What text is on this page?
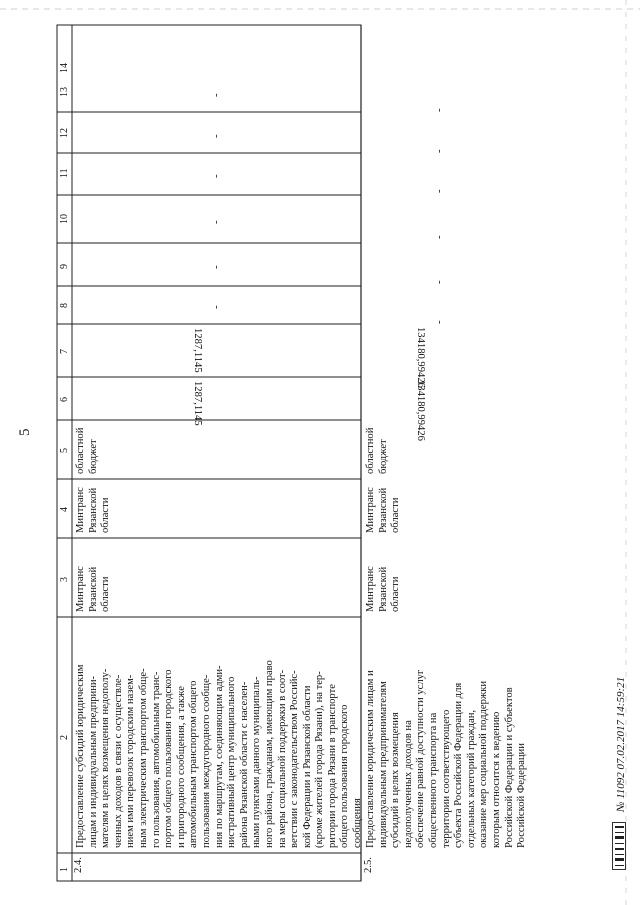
5
1
2
3
4
5
6
7
8
9
10
11
12
13
14
2.4.
Предоставление субсидий юридическим лицам и индивидуальным предприни- мателям в целях возмещения недополу- ченных доходов в связи с осуществле- нием ими перевозок городским назем- ным электрическим транспортом обще- го пользования, автомобильным транс- портом общего пользования городского и пригородного сообщения, а также автомобильным транспортом общего пользования междугородного сообще- ния по маршрутам, соединяющим адми- нистративный центр муниципального района Рязанской области с населен- ными пунктами данного муниципаль- ного района, гражданам, имеющим право на меры социальной поддержки в соот- ветствии с законодательством Российс- кой Федерации и Рязанской области (кроме жителей города Рязани), на тер- ритории города Рязани в транспорте общего пользования городского сообщения
Минтранс Рязанской области
Минтранс Рязанской области
областной бюджет
1287,1145
1287,1145
2.5.
Предоставление юридическим лицам и индивидуальным предпринимателям субсидий в целях возмещения недополученных доходов на обеспечение равной доступности услуг общественного транспорта на территории соответствующего субъекта Российской Федерации для отдельных категорий граждан, оказание мер социальной поддержки которым относится к ведению Российской Федерации и субъектов Российской Федерации
Минтранс Рязанской области
Минтранс Рязанской области
областной бюджет
134180,99426
134180,99426
-
-
-
-
-
-
-
-
-
-
-
-
№ 11092 07.02.2017 14:59:21
